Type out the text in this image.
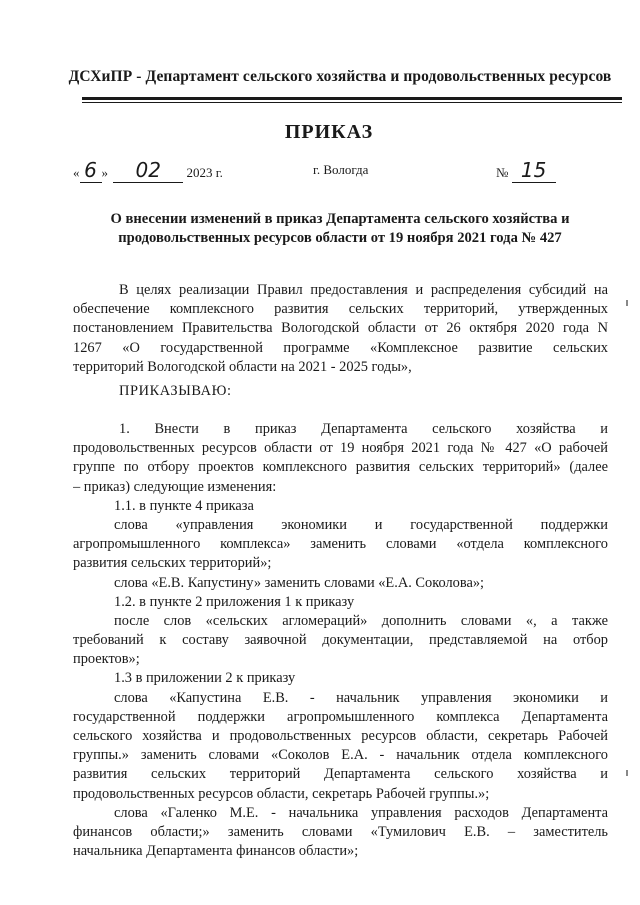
ДСХиПР - Департамент сельского хозяйства и продовольственных ресурсов
ПРИКАЗ
« 6 » 02 2023 г.	г. Вологда	№ 15
О внесении изменений в приказ Департамента сельского хозяйства и
продовольственных ресурсов области от 19 ноября 2021 года № 427
В целях реализации Правил предоставления и распределения субсидий на
обеспечение комплексного развития сельских территорий, утвержденных
постановлением Правительства Вологодской области от 26 октября 2020 года N
1267 «О государственной программе «Комплексное развитие сельских
территорий Вологодской области на 2021 - 2025 годы»,
ПРИКАЗЫВАЮ:
1. Внести в приказ Департамента сельского хозяйства и
продовольственных ресурсов области от 19 ноября 2021 года № 427 «О рабочей
группе по отбору проектов комплексного развития сельских территорий» (далее
– приказ) следующие изменения:
1.1. в пункте 4 приказа
слова «управления экономики и государственной поддержки
агропромышленного комплекса» заменить словами «отдела комплексного
развития сельских территорий»;
слова «Е.В. Капустину» заменить словами «Е.А. Соколова»;
1.2. в пункте 2 приложения 1 к приказу
после слов «сельских агломераций» дополнить словами «, а также
требований к составу заявочной документации, представляемой на отбор
проектов»;
1.3 в приложении 2 к приказу
слова «Капустина Е.В. - начальник управления экономики и
государственной поддержки агропромышленного комплекса Департамента
сельского хозяйства и продовольственных ресурсов области, секретарь Рабочей
группы.» заменить словами «Соколов Е.А. - начальник отдела комплексного
развития сельских территорий Департамента сельского хозяйства и
продовольственных ресурсов области, секретарь Рабочей группы.»;
слова «Галенко М.Е. - начальника управления расходов Департамента
финансов области;» заменить словами «Тумилович Е.В. – заместитель
начальника Департамента финансов области»;
